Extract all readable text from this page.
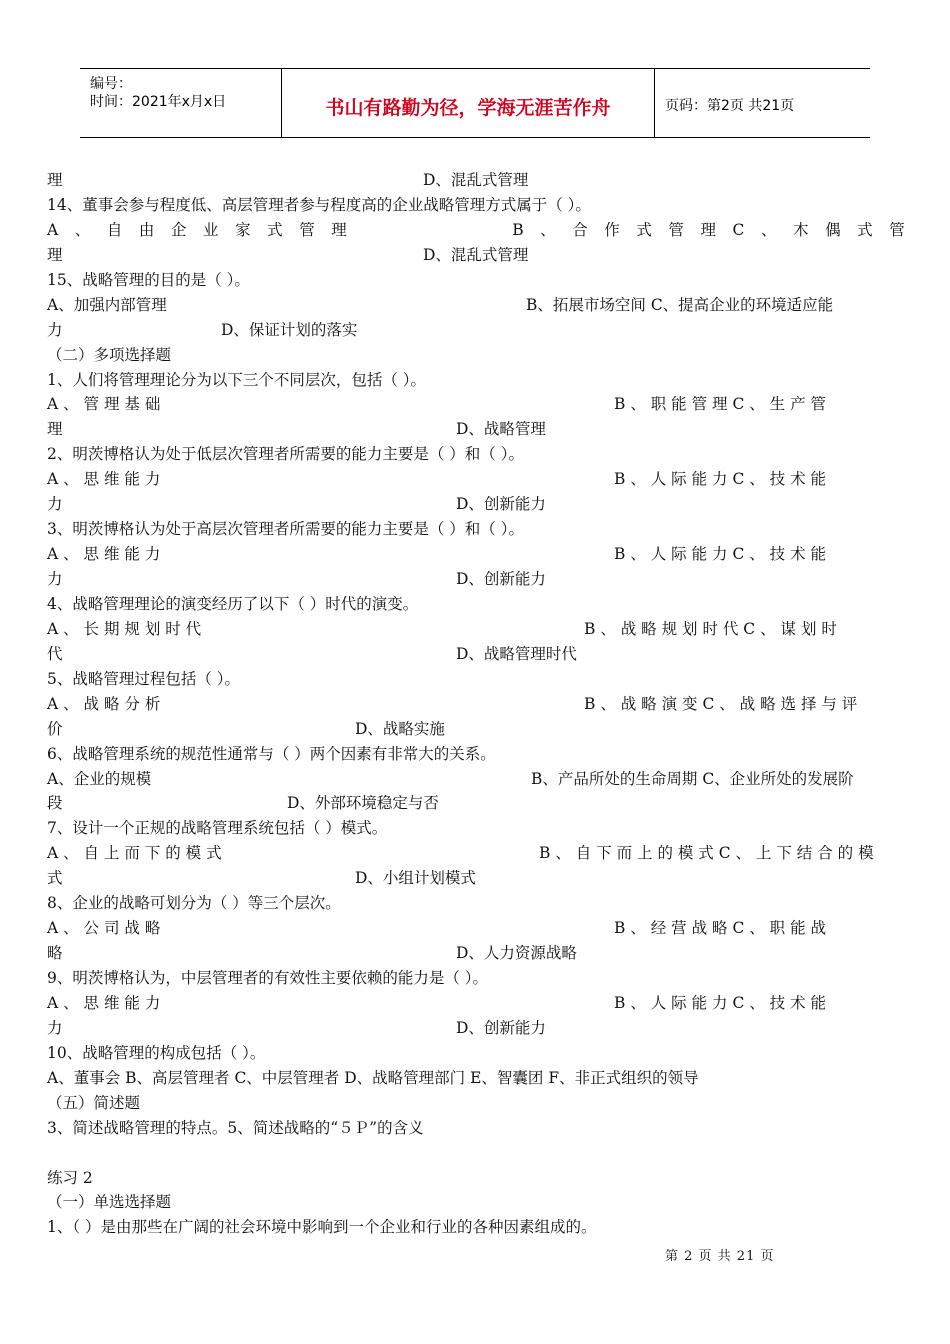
编号：
时间：2021年x月x日	书山有路勤为径，学海无涯苦作舟	页码：第2页 共21页
理	D、混乱式管理
14、董事会参与程度低、高层管理者参与程度高的企业战略管理方式属于（ ）。
A 、 自 由 企 业 家 式 管 理	B 、 合 作 式 管 理 C 、 木 偶 式 管
理	D、混乱式管理
15、战略管理的目的是（ ）。
A、加强内部管理	B、拓展市场空间 C、提高企业的环境适应能
力	D、保证计划的落实
（二）多项选择题
1、人们将管理理论分为以下三个不同层次，包括（ ）。
A 、 管 理 基 础	B 、 职 能 管 理 C 、 生 产 管
理	D、战略管理
2、明茨博格认为处于低层次管理者所需要的能力主要是（ ）和（ ）。
A 、 思 维 能 力	B 、 人 际 能 力 C 、 技 术 能
力	D、创新能力
3、明茨博格认为处于高层次管理者所需要的能力主要是（ ）和（ ）。
A 、 思 维 能 力	B 、 人 际 能 力 C 、 技 术 能
力	D、创新能力
4、战略管理理论的演变经历了以下（ ）时代的演变。
A 、 长 期 规 划 时 代	B 、 战 略 规 划 时 代 C 、 谋 划 时
代	D、战略管理时代
5、战略管理过程包括（ ）。
A 、 战 略 分 析	B 、 战 略 演 变 C 、 战 略 选 择 与 评
价	D、战略实施
6、战略管理系统的规范性通常与（ ）两个因素有非常大的关系。
A、企业的规模	B、产品所处的生命周期 C、企业所处的发展阶
段	D、外部环境稳定与否
7、设计一个正规的战略管理系统包括（ ）模式。
A 、 自 上 而 下 的 模 式	B 、 自 下 而 上 的 模 式 C 、 上 下 结 合 的 模
式	D、小组计划模式
8、企业的战略可划分为（ ）等三个层次。
A 、 公 司 战 略	B 、 经 营 战 略 C 、 职 能 战
略	D、人力资源战略
9、明茨博格认为，中层管理者的有效性主要依赖的能力是（ ）。
A 、 思 维 能 力	B 、 人 际 能 力 C 、 技 术 能
力	D、创新能力
10、战略管理的构成包括（ ）。
A、董事会 B、高层管理者 C、中层管理者 D、战略管理部门 E、智囊团 F、非正式组织的领导
（五）简述题
3、简述战略管理的特点。5、简述战略的“５Ｐ”的含义
练习 2
（一）单选选择题
1、（ ）是由那些在广阔的社会环境中影响到一个企业和行业的各种因素组成的。
第 2 页 共 21 页
